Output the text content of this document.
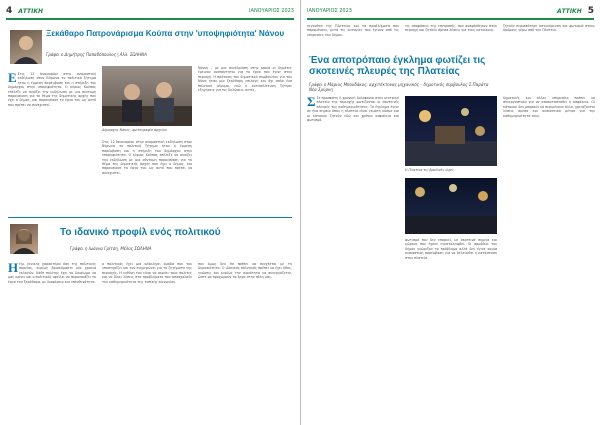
4 ΑΤΤΙΚΗ	ΙΑΝΟΥΑΡΙΟΣ 2023
Ξεκάθαρο Πατρονάρισμα Κούπα στην 'υποψηφιότητα' Νάνου
Γράφει ο Δημήτρης Παπαδόπουλος | Αλλ. ΣΩΛΗΝΑ
Ε Στις 12 Ιανουαρίου στην ονομαστική εκδήλωση στον Βύρωνα το πολιτικό ζήτημα ήταν η έμμεση παρέμβαση και η στήριξη του δημάρχου στην υποψηφιότητα. Ο κύριος Κούπας επέλεξε να ανοίξει την εκδήλωση με μια σύντομη παρουσίαση για το θέμα της δημοτικής αρχής που έχει ο δήμος, και παρουσίασε το έργο του ως αυτό που πρέπει να συνεχιστεί.
Δήμαρχος Νάνος, φωτογραφία αρχείου
Στις 12 Ιανουαρίου στην ονομαστική εκδήλωση στον Βύρωνα το πολιτικό ζήτημα ήταν η έμμεση παρέμβαση και η στήριξη του δημάρχου στην υποψηφιότητα. Ο κύριος Κούπας επέλεξε να ανοίξει την εκδήλωση με μια σύντομη παρουσίαση για το θέμα της δημοτικής αρχής που έχει ο δήμος, και παρουσίασε το έργο του ως αυτό που πρέπει να συνεχιστεί.
Νάνος – με μια συνεδρίαση στην οποία οι δημότες έμειναν αναπάντητοι για το έργο που έγινε στην περιοχή. Η πρόταση του δημοτικού συμβουλίου για τον Νάνο ήταν μια ξεκάθαρη επιλογή και όχι απλά ένα πολιτικό μήνυμα, ενώ η αντιπολίτευση ζήτησε εξηγήσεις για τις δηλώσεις αυτές.
Το ιδανικό προφίλ ενός πολιτικού
Γράφει η Ιωάννα Γρίτση, Μέλος ΣΩΛΗΝΑ
Η Ημ. γενικής χαρακτήρα όψη της πολιτικής πορείας, κυρίως βρισκόμαστε μία χρονιά εκλογών. Κάθε πολίτης έχει το δικαίωμα να μας κρίνει και ο πολιτικός οφείλει να παρουσιάζει το έργο του ξεκάθαρα, με διαφάνεια και υπευθυνότητα.
ο πολιτικός έχει μια ολόκληρη ομάδα που τον υποστηρίζει και τον ενημερώνει για τα ζητήματα της περιοχής. Η ευθύνη του είναι να ακούει τους πολίτες και να δίνει λύσεις στα προβλήματα που απασχολούν την καθημερινότητα της τοπικής κοινωνίας.
που όμως δεν θα πρέπει να συγχέεται με τη δημοσιότητα. Ο ιδανικός πολιτικός πρέπει να έχει ήθος, γνώσεις και κυρίως την ικανότητα να συνεργάζεται, ώστε να προχωρούν τα έργα στην πόλη μας.
ΙΑΝΟΥΑΡΙΟΣ 2023	ΑΤΤΙΚΗ 5
γεγονότα της Πλατείας και τα προβλήματα που παραμένουν, μετά τις αυτοψίες που έγιναν από τις υπηρεσίες του δήμου.
τις αποφάσεις της επιτροπής, που αναφέρθηκαν στην περιοχή και ζητούν άμεσα λύσεις για τους κατοίκους.
ζητούν περισσότερη αστυνόμευση και φωτισμό στους δρόμους γύρω από την Πλατεία.
Ένα αποτρόπαιο έγκλημα φωτίζει τις σκοτεινές πλευρές της Πλατείας
Γράφει ο Μάριος Μπουδάκος, αρχιτέκτονας μηχανικός – δημοτικός σύμβουλος Σ.Παράτα Νέα Σμύρνη
Σ Σε προσφάτη ή χρονική δολοφονία στην κεντρική πλατεία της περιοχής φωτίζονται οι σκοτεινές πλευρές της καθημερινότητας. Το έγκλημα έγινε σε ένα σημείο όπου η πλατεία είναι γεμάτη κόσμο και οι κάτοικοι ζητούν εδώ και χρόνια ασφάλεια και φωτισμό.
Η Πλατεία τις βραδινές ώρες
φωτισμό που δεν επαρκεί, με σκοτεινά σημεία και χώρους που έχουν εγκαταλειφθεί. Οι αρμόδιοι του δήμου γνώριζαν το πρόβλημα αλλά δεν έγινε καμία ουσιαστική παρέμβαση για να βελτιωθεί η κατάσταση στην πλατεία.
δημοτικές και άλλες υπηρεσίες πρέπει να συνεργαστούν για να αποκατασταθεί η ασφάλεια. Οι κάτοικοι δεν μπορούν να περιμένουν άλλο, χρειάζονται λύσεις άμεσα και ουσιαστικά μέτρα για την καθημερινότητά τους.
